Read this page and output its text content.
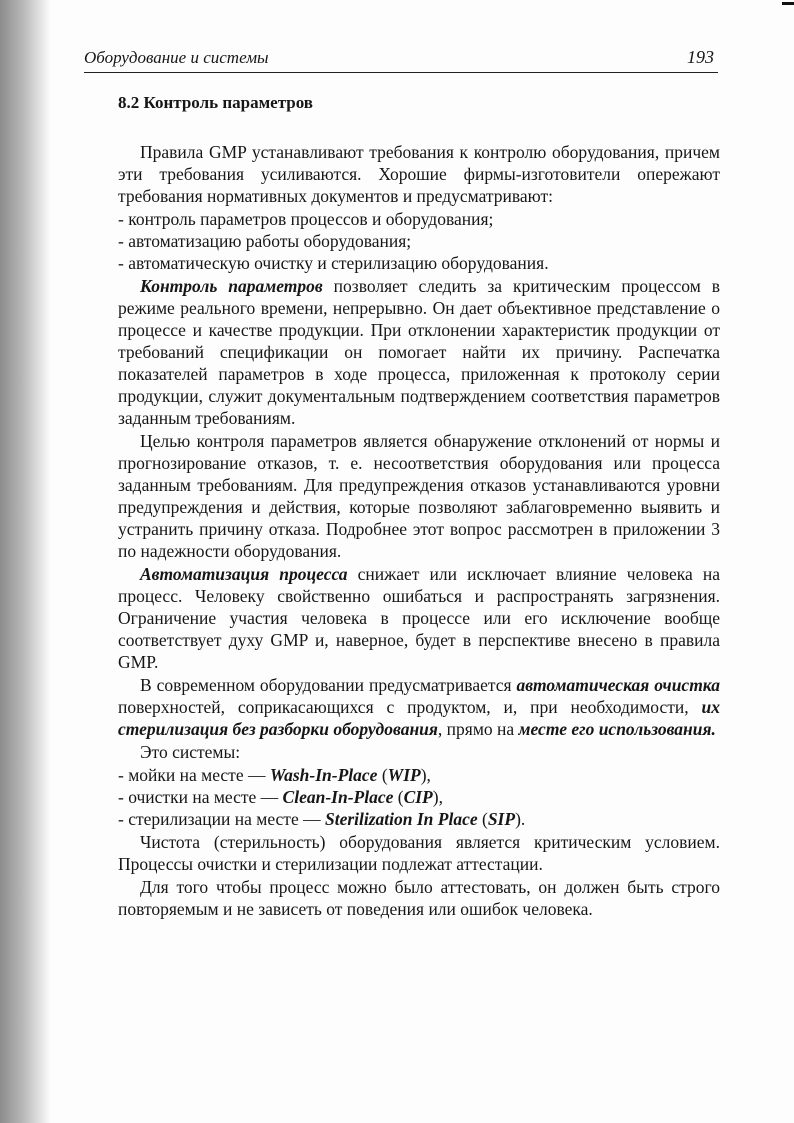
Оборудование и системы	193
8.2 Контроль параметров

Правила GMP устанавливают требования к контролю оборудования, причем эти требования усиливаются. Хорошие фирмы-изготовители опережают требования нормативных документов и предусматривают:

- контроль параметров процессов и оборудования;
- автоматизацию работы оборудования;
- автоматическую очистку и стерилизацию оборудования.

Контроль параметров позволяет следить за критическим процессом в режиме реального времени, непрерывно. Он дает объективное представление о процессе и качестве продукции. При отклонении характеристик продукции от требований спецификации он помогает найти их причину. Распечатка показателей параметров в ходе процесса, приложенная к протоколу серии продукции, служит документальным подтверждением соответствия параметров заданным требованиям.

Целью контроля параметров является обнаружение отклонений от нормы и прогнозирование отказов, т. е. несоответствия оборудования или процесса заданным требованиям. Для предупреждения отказов устанавливаются уровни предупреждения и действия, которые позволяют заблаговременно выявить и устранить причину отказа. Подробнее этот вопрос рассмотрен в приложении 3 по надежности оборудования.

Автоматизация процесса снижает или исключает влияние человека на процесс. Человеку свойственно ошибаться и распространять загрязнения. Ограничение участия человека в процессе или его исключение вообще соответствует духу GMP и, наверное, будет в перспективе внесено в правила GMP.

В современном оборудовании предусматривается автоматическая очистка поверхностей, соприкасающихся с продуктом, и, при необходимости, их стерилизация без разборки оборудования, прямо на месте его использования.

Это системы:

- мойки на месте — Wash-In-Place (WIP),
- очистки на месте — Clean-In-Place (CIP),
- стерилизации на месте — Sterilization In Place (SIP).

Чистота (стерильность) оборудования является критическим условием. Процессы очистки и стерилизации подлежат аттестации.

Для того чтобы процесс можно было аттестовать, он должен быть строго повторяемым и не зависеть от поведения или ошибок человека.
